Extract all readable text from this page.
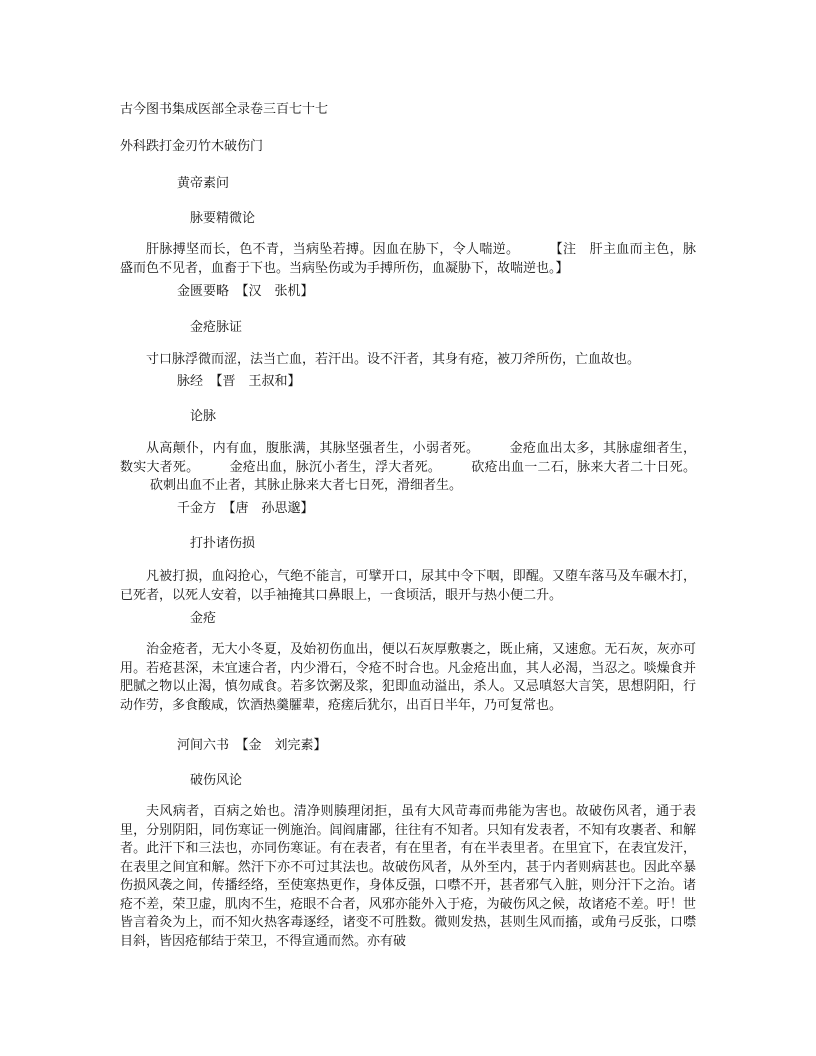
古今图书集成医部全录卷三百七十七
外科跌打金刃竹木破伤门
黄帝素问
脉要精微论
肝脉搏坚而长，色不青，当病坠若搏。因血在胁下，令人喘逆。 【注　肝主血而主色，脉盛而色不见者，血畜于下也。当病坠伤或为手搏所伤，血凝胁下，故喘逆也。】
金匮要略　【汉　张机】
金疮脉证
寸口脉浮微而涩，法当亡血，若汗出。设不汗者，其身有疮，被刀斧所伤，亡血故也。
脉经　【晋　王叔和】
论脉
从高颠仆，内有血，腹胀满，其脉坚强者生，小弱者死。 金疮血出太多，其脉虚细者生，数实大者死。 金疮出血，脉沉小者生，浮大者死。 砍疮出血一二石，脉来大者二十日死。砍刺出血不止者，其脉止脉来大者七日死，滑细者生。
千金方　【唐　孙思邈】
打扑诸伤损
凡被打损，血闷抢心，气绝不能言，可擘开口，尿其中令下咽，即醒。又堕车落马及车碾木打，已死者，以死人安着，以手袖掩其口鼻眼上，一食顷活，眼开与热小便二升。
金疮
治金疮者，无大小冬夏，及始初伤血出，便以石灰厚敷裹之，既止痛，又速愈。无石灰，灰亦可用。若疮甚深，未宜速合者，内少滑石，令疮不时合也。凡金疮出血，其人必渴，当忍之。啖燥食并肥腻之物以止渴，慎勿咸食。若多饮粥及浆，犯即血动溢出，杀人。又忌嗔怒大言笑，思想阴阳，行动作劳，多食酸咸，饮酒热羹臛辈，疮瘥后犹尔，出百日半年，乃可复常也。
河间六书　【金　刘完素】
破伤风论
夫风病者，百病之始也。清净则腠理闭拒，虽有大风苛毒而弗能为害也。故破伤风者，通于表里，分别阴阳，同伤寒证一例施治。闾阎庸鄙，往往有不知者。只知有发表者，不知有攻裹者、和解者。此汗下和三法也，亦同伤寒证。有在表者，有在里者，有在半表里者。在里宜下，在表宜发汗，在表里之间宜和解。然汗下亦不可过其法也。故破伤风者，从外至内，甚于内者则病甚也。因此卒暴伤损风袭之间，传播经络，至使寒热更作，身体反强，口噤不开，甚者邪气入脏，则分汗下之治。诸疮不差，荣卫虚，肌肉不生，疮眼不合者，风邪亦能外入于疮，为破伤风之候，故诸疮不差。吁！世皆言着灸为上，而不知火热客毒逐经，诸变不可胜数。微则发热，甚则生风而搐，或角弓反张，口噤目斜，皆因疮郁结于荣卫，不得宣通而然。亦有破
